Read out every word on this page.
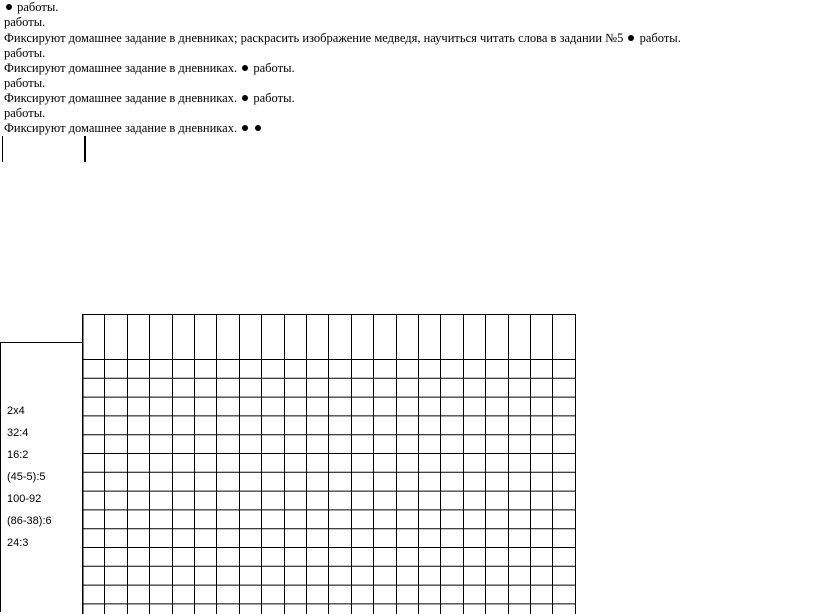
работы.
работы.
Фиксируют домашнее задание в дневниках; раскрасить изображение медведя, научиться читать слова в задании №5 работы.
работы.
Фиксируют домашнее задание в дневниках. работы.
работы.
Фиксируют домашнее задание в дневниках. работы.
работы.
Фиксируют домашнее задание в дневниках.
2х4
32:4
16:2
(45-5):5
100-92
(86-38):6
24:3
